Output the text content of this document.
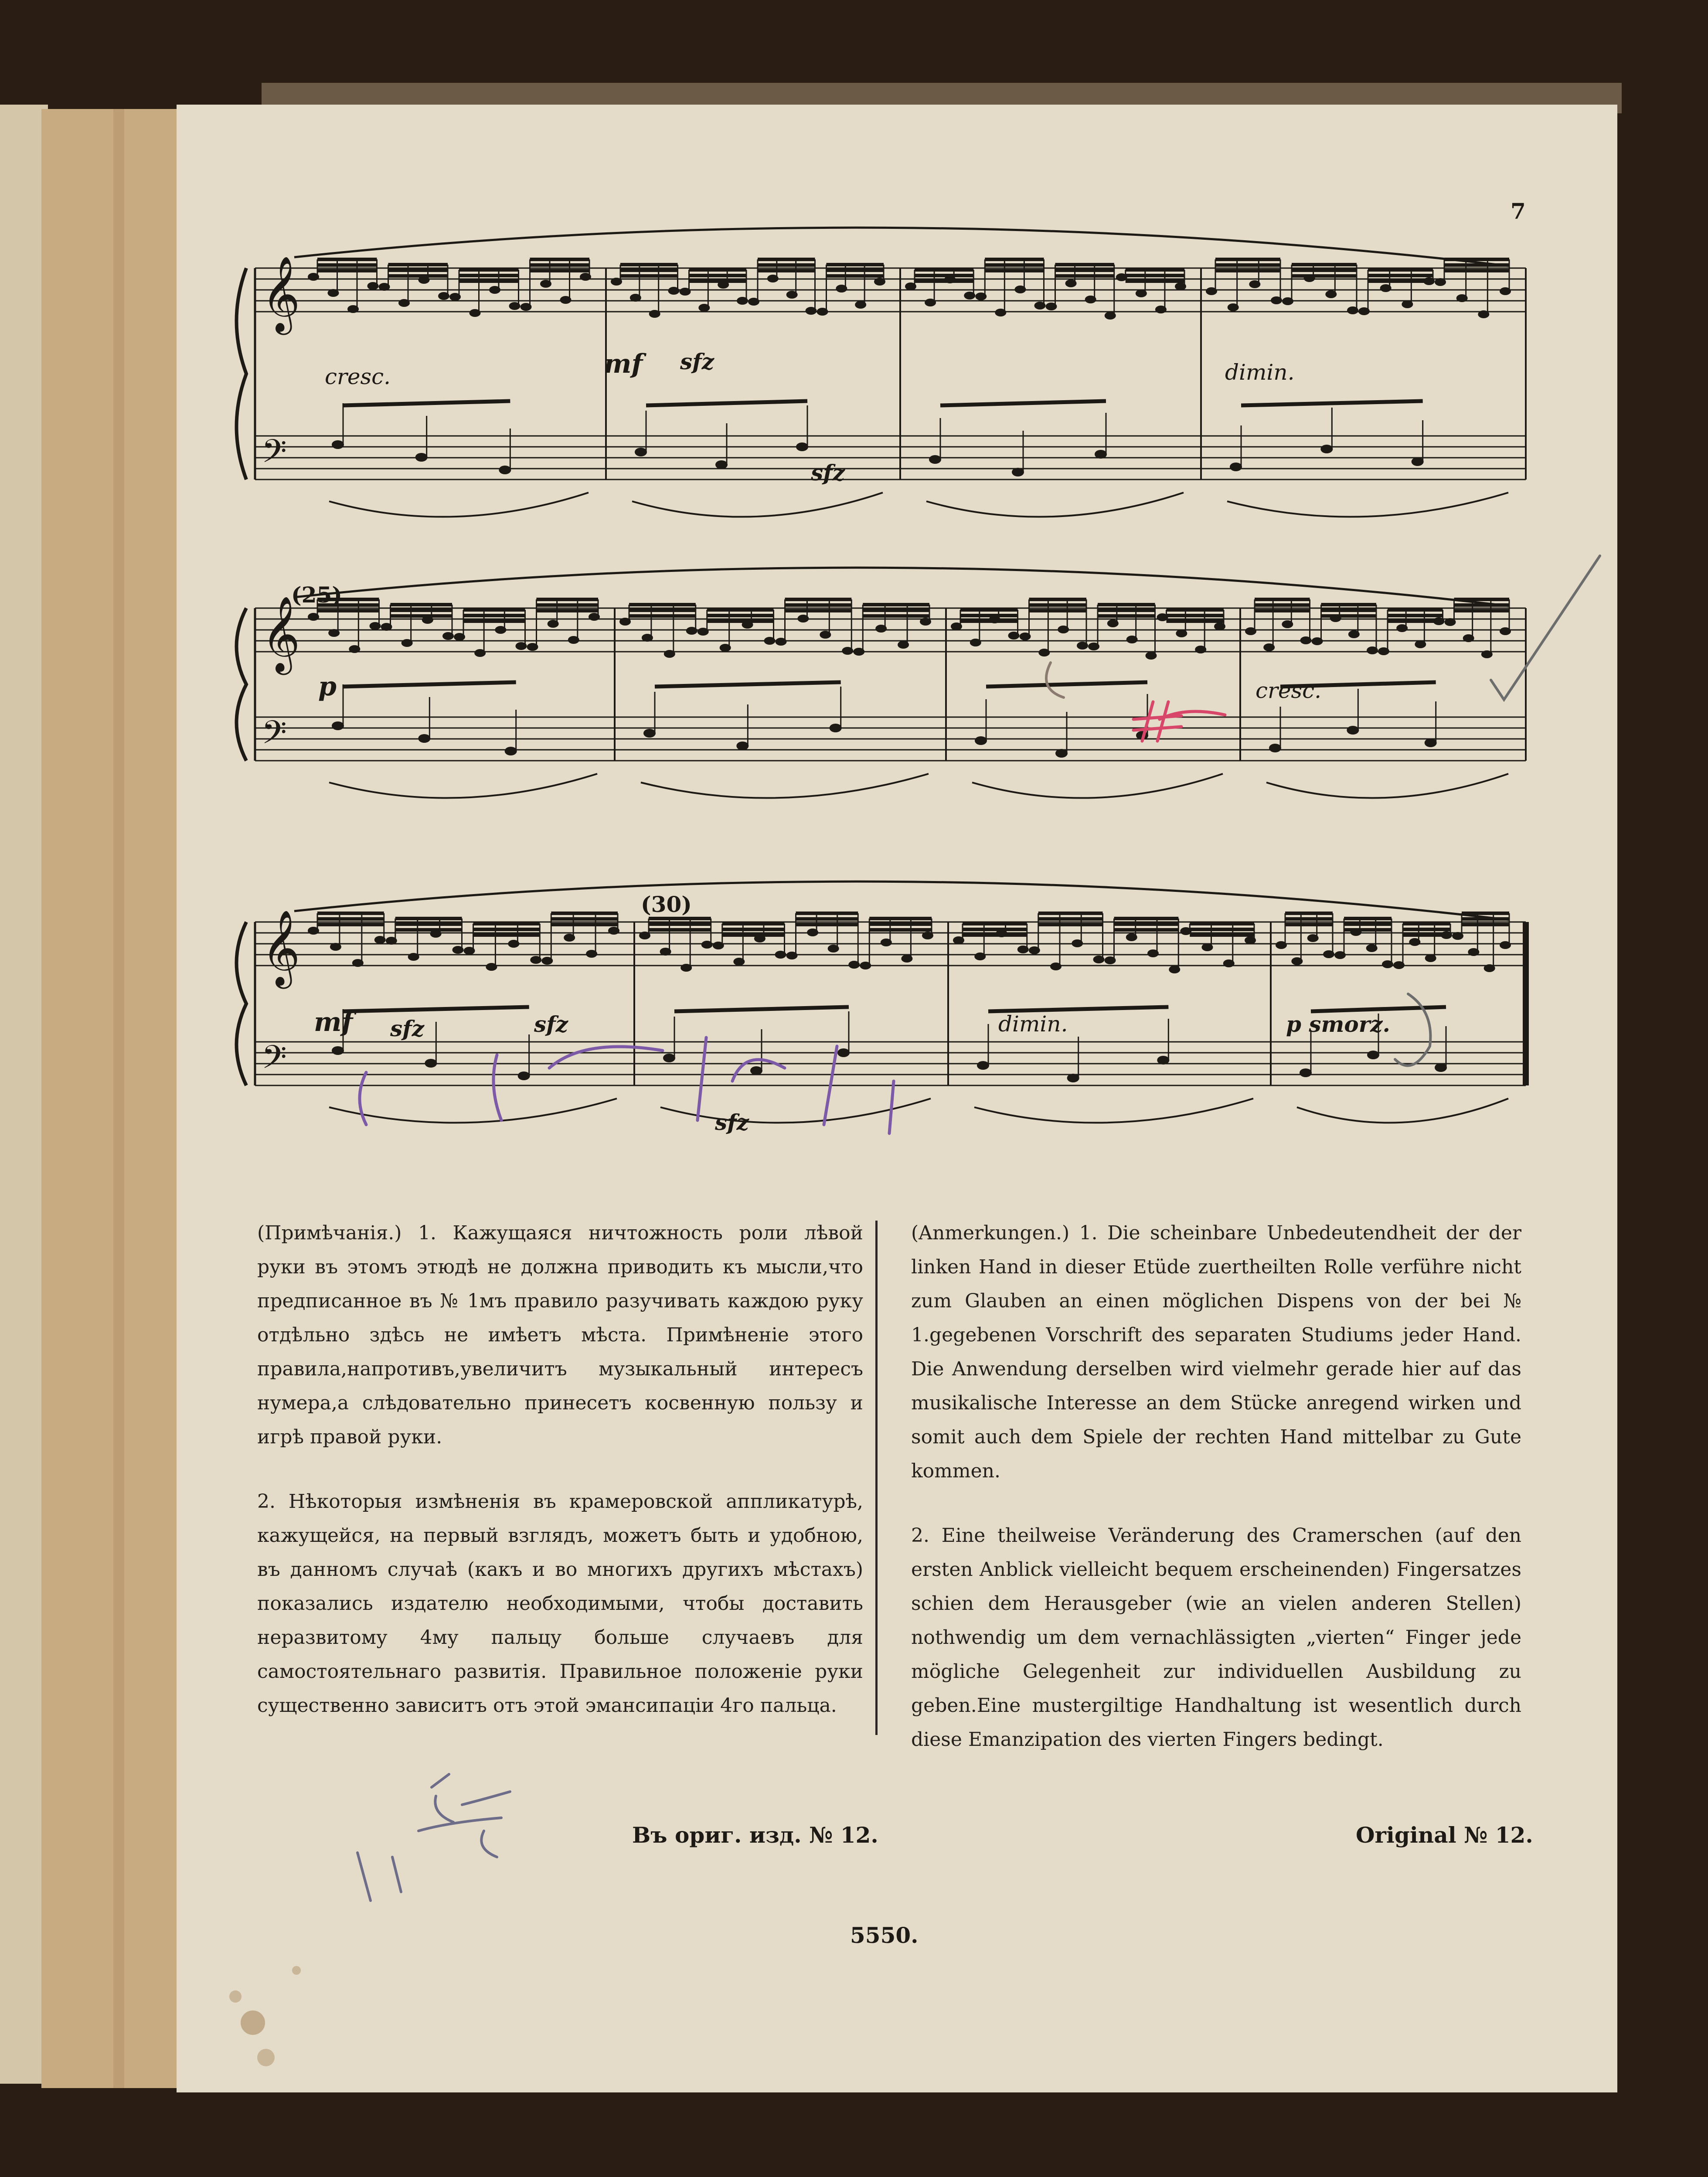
𝄞
𝄢
𝄞
𝄢
𝄞
𝄢
7
cresc.	mf sfz
sfz
dimin.
(25)
p	cresc.
(30)
mf sfz	sfz
sfz
dimin.	p smorz.

(Примѣчанія.) 1. Кажущаяся ничтожность роли лѣвой руки въ этомъ этюдѣ не должна приводить къ мысли,что предписанное въ № 1мъ правило разучивать каждою руку отдѣльно здѣсь не имѣетъ мѣста. Примѣненіе этого правила,напротивъ,увеличитъ музыкальный интересъ нумера,а слѣдовательно принесетъ косвенную пользу и игрѣ правой руки.

2. Нѣкоторыя измѣненія въ крамеровской аппликатурѣ, кажущейся, на первый взглядъ, можетъ быть и удобною, въ данномъ случаѣ (какъ и во многихъ другихъ мѣстахъ) показались издателю необходимыми, чтобы доставить неразвитому 4му пальцу больше случаевъ для самостоятельнаго развитія. Правильное положеніе руки существенно зависитъ отъ этой эмансипаціи 4го пальца.

(Anmerkungen.) 1. Die scheinbare Unbedeutendheit der der linken Hand in dieser Etüde zuertheilten Rolle verführe nicht zum Glauben an einen möglichen Dispens von der bei № 1.gegebenen Vorschrift des separaten Studiums jeder Hand. Die Anwendung derselben wird vielmehr gerade hier auf das musikalische Interesse an dem Stücke anregend wirken und somit auch dem Spiele der rechten Hand mittelbar zu Gute kommen.

2. Eine theilweise Veränderung des Cramerschen (auf den ersten Anblick vielleicht bequem erscheinenden) Fingersatzes schien dem Herausgeber (wie an vielen anderen Stellen) nothwendig um dem vernachlässigten „vierten“ Finger jede mögliche Gelegenheit zur individuellen Ausbildung zu geben.Eine mustergiltige Handhaltung ist wesentlich durch diese Emanzipation des vierten Fingers bedingt.

Въ ориг. изд. № 12.	Original № 12.
5550.
